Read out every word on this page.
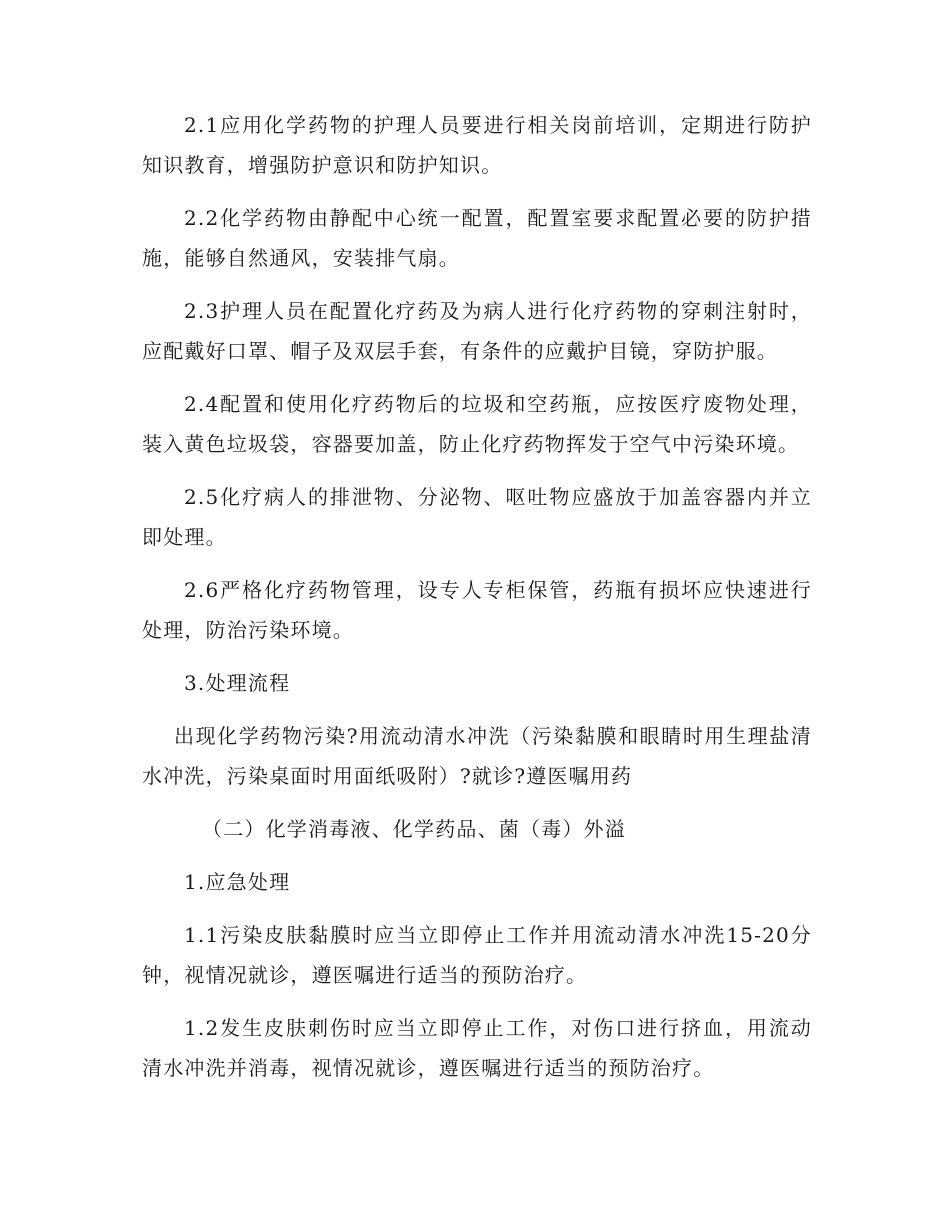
2.1应用化学药物的护理人员要进行相关岗前培训，定期进行防护知识教育，增强防护意识和防护知识。

2.2化学药物由静配中心统一配置，配置室要求配置必要的防护措施，能够自然通风，安装排气扇。

2.3护理人员在配置化疗药及为病人进行化疗药物的穿刺注射时，应配戴好口罩、帽子及双层手套，有条件的应戴护目镜，穿防护服。

2.4配置和使用化疗药物后的垃圾和空药瓶，应按医疗废物处理，装入黄色垃圾袋，容器要加盖，防止化疗药物挥发于空气中污染环境。

2.5化疗病人的排泄物、分泌物、呕吐物应盛放于加盖容器内并立即处理。

2.6严格化疗药物管理，设专人专柜保管，药瓶有损坏应快速进行处理，防治污染环境。

3.处理流程

出现化学药物污染?用流动清水冲洗（污染黏膜和眼睛时用生理盐清水冲洗，污染桌面时用面纸吸附）?就诊?遵医嘱用药

（二）化学消毒液、化学药品、菌（毒）外溢

1.应急处理

1.1污染皮肤黏膜时应当立即停止工作并用流动清水冲洗15-20分钟，视情况就诊，遵医嘱进行适当的预防治疗。

1.2发生皮肤刺伤时应当立即停止工作，对伤口进行挤血，用流动清水冲洗并消毒，视情况就诊，遵医嘱进行适当的预防治疗。
